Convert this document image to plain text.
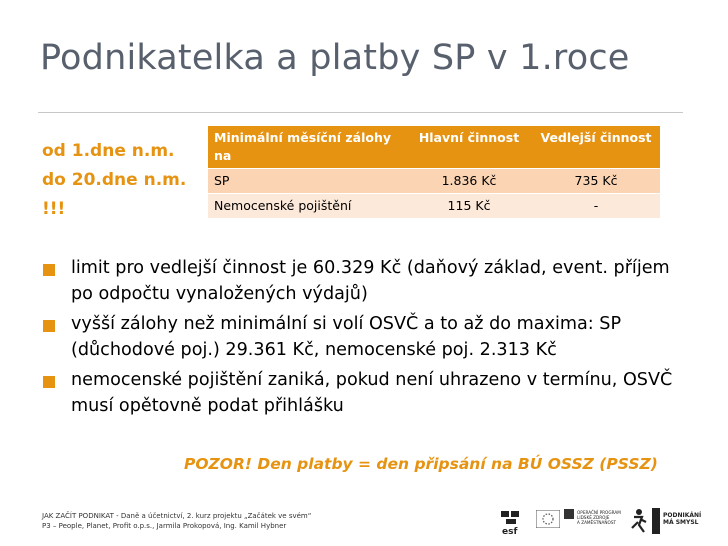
Podnikatelka a platby SP v 1.roce
od 1.dne n.m.
do 20.dne n.m.
!!!
Minimální měsíční zálohy na	Hlavní činnost	Vedlejší činnost
SP	1.836 Kč	735 Kč
Nemocenské pojištění	115 Kč	-
limit pro vedlejší činnost je 60.329 Kč (daňový základ, event. příjem po odpočtu vynaložených výdajů)
vyšší zálohy než minimální si volí OSVČ a to až do maxima: SP (důchodové poj.) 29.361 Kč, nemocenské poj. 2.313 Kč
nemocenské pojištění zaniká, pokud není uhrazeno v termínu, OSVČ musí opětovně podat přihlášku
POZOR! Den platby = den připsání na BÚ OSSZ (PSSZ)
JAK ZAČÍT PODNIKAT - Daně a účetnictví, 2. kurz projektu „Začátek ve svém“
P3 – People, Planet, Profit o.p.s., Jarmila Prokopová, Ing. Kamil Hybner
esf
OPERAČNÍ PROGRAM
LIDSKÉ ZDROJE
A ZAMĚSTNANOST
PODNIKÁNÍ
MÁ SMYSL
